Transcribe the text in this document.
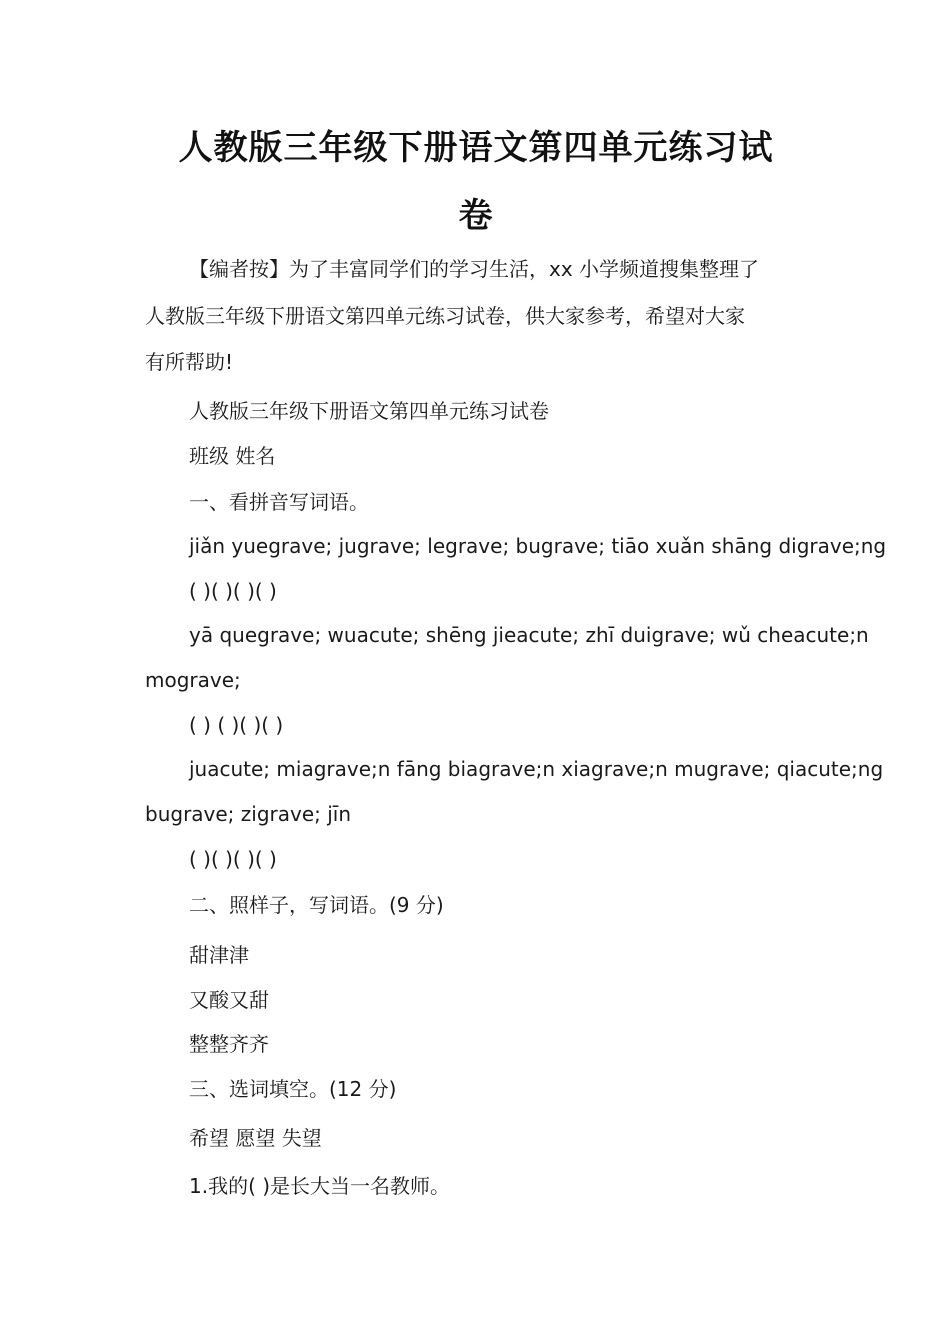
人教版三年级下册语文第四单元练习试
卷
【编者按】为了丰富同学们的学习生活，xx 小学频道搜集整理了
人教版三年级下册语文第四单元练习试卷，供大家参考，希望对大家
有所帮助!
人教版三年级下册语文第四单元练习试卷
班级 姓名
一、看拼音写词语。
jiǎn yuegrave; jugrave; legrave; bugrave; tiāo xuǎn shāng digrave;ng
( )( )( )( )
yā quegrave; wuacute; shēng jieacute; zhī duigrave; wǔ cheacute;n
mograve;
( ) ( )( )( )
juacute; miagrave;n fāng biagrave;n xiagrave;n mugrave; qiacute;ng
bugrave; zigrave; jīn
( )( )( )( )
二、照样子，写词语。(9 分)
甜津津
又酸又甜
整整齐齐
三、选词填空。(12 分)
希望 愿望 失望
1.我的( )是长大当一名教师。
